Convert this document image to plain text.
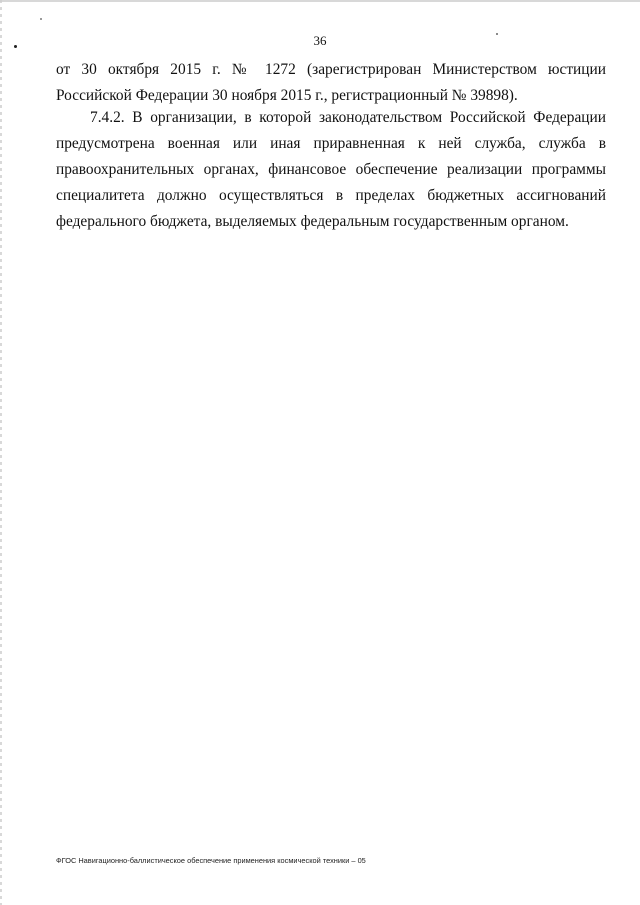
36
от 30 октября 2015 г. № 1272 (зарегистрирован Министерством юстиции Российской Федерации 30 ноября 2015 г., регистрационный № 39898).
7.4.2. В организации, в которой законодательством Российской Федерации предусмотрена военная или иная приравненная к ней служба, служба в правоохранительных органах, финансовое обеспечение реализации программы специалитета должно осуществляться в пределах бюджетных ассигнований федерального бюджета, выделяемых федеральным государственным органом.
ФГОС Навигационно-баллистическое обеспечение применения космической техники – 05
